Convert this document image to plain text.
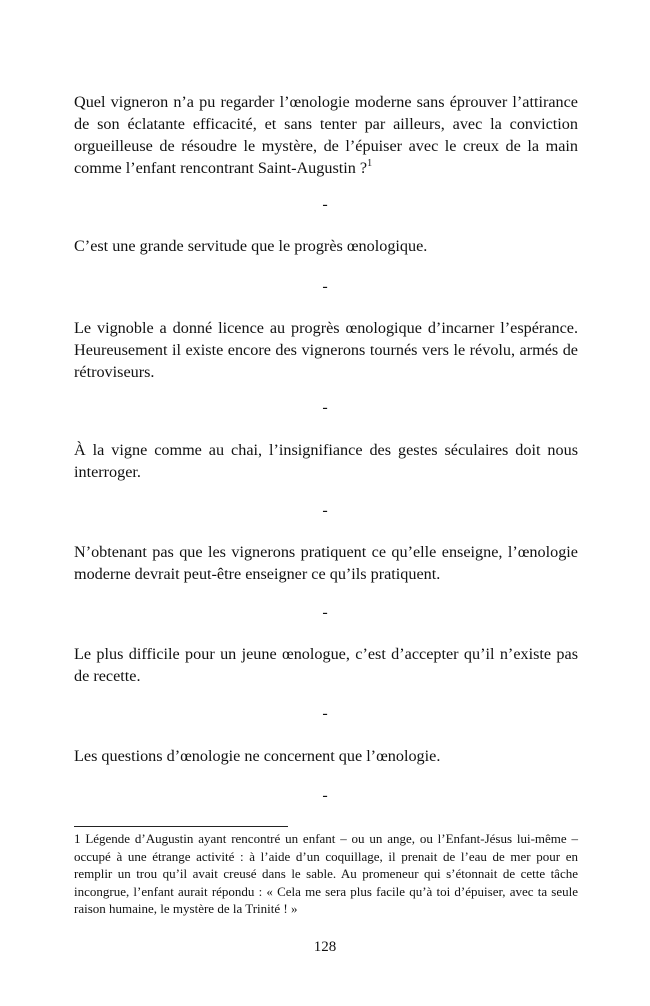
Quel vigneron n’a pu regarder l’œnologie moderne sans éprouver l’attirance de son éclatante efficacité, et sans tenter par ailleurs, avec la conviction orgueilleuse de résoudre le mystère, de l’épuiser avec le creux de la main comme l’enfant rencontrant Saint-Augustin ?$^1$

-

C’est une grande servitude que le progrès œnologique.

-

Le vignoble a donné licence au progrès œnologique d’incarner l’espérance. Heureusement il existe encore des vignerons tournés vers le révolu, armés de rétroviseurs.

-

À la vigne comme au chai, l’insignifiance des gestes séculaires doit nous interroger.

-

N’obtenant pas que les vignerons pratiquent ce qu’elle enseigne, l’œnologie moderne devrait peut-être enseigner ce qu’ils pratiquent.

-

Le plus difficile pour un jeune œnologue, c’est d’accepter qu’il n’existe pas de recette.

-

Les questions d’œnologie ne concernent que l’œnologie.

-

1 Légende d’Augustin ayant rencontré un enfant – ou un ange, ou l’Enfant-Jésus lui-même – occupé à une étrange activité : à l’aide d’un coquillage, il prenait de l’eau de mer pour en remplir un trou qu’il avait creusé dans le sable. Au promeneur qui s’étonnait de cette tâche incongrue, l’enfant aurait répondu : « Cela me sera plus facile qu’à toi d’épuiser, avec ta seule raison humaine, le mystère de la Trinité ! »

128
